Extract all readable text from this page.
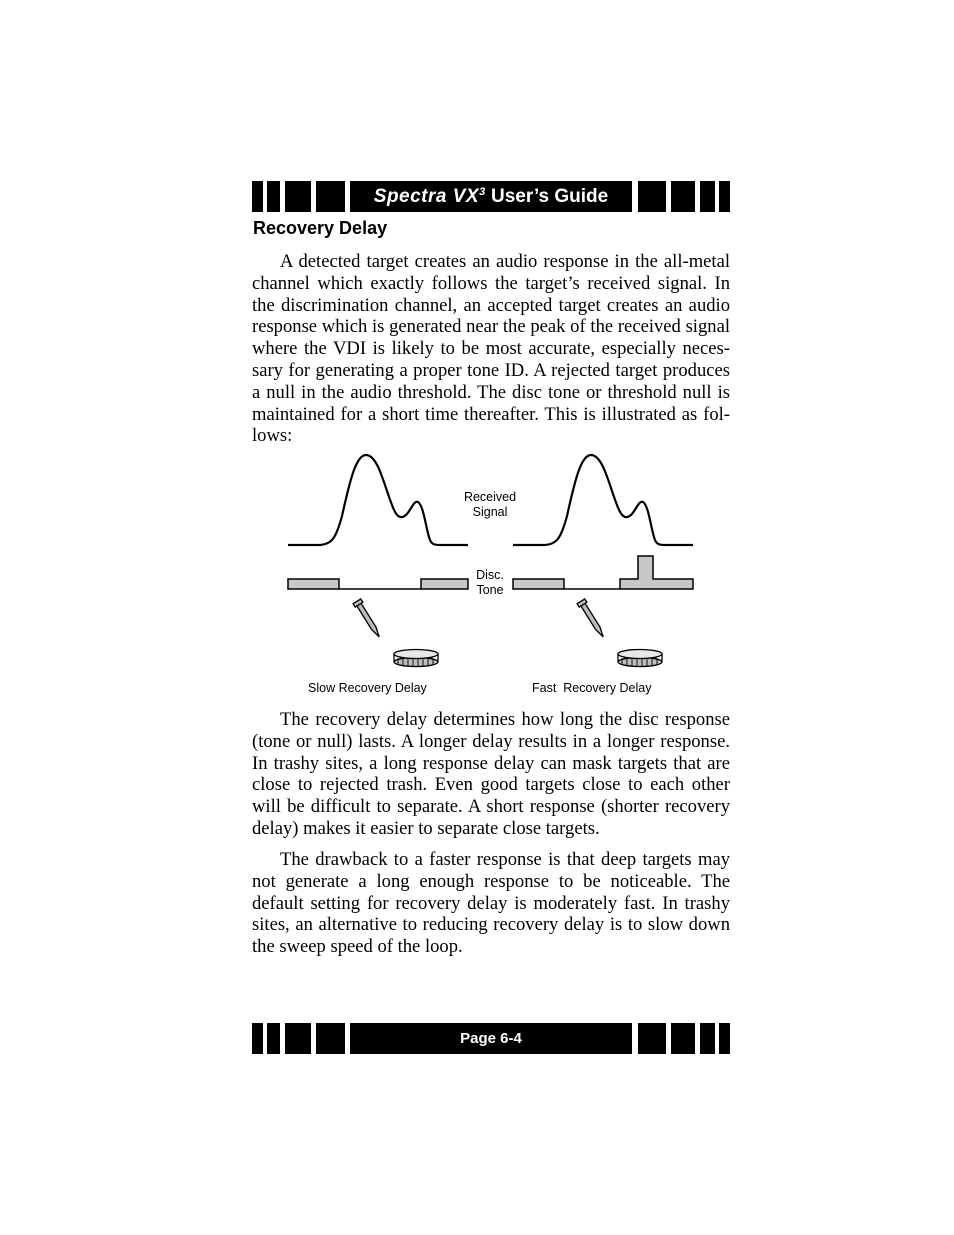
Spectra $VX^3$ User’s Guide
Recovery Delay

A detected target creates an audio response in the all-metal channel which exactly follows the target’s received signal. In the discrimination channel, an accepted target creates an audio response which is generated near the peak of the received signal where the VDI is likely to be most accurate, especially neces-sary for generating a proper tone ID. A rejected target produces a null in the audio threshold. The disc tone or threshold null is maintained for a short time thereafter. This is illustrated as fol-lows:

Received
Signal
Disc.
Tone
Slow Recovery Delay	Fast  Recovery Delay

The recovery delay determines how long the disc response (tone or null) lasts. A longer delay results in a longer response. In trashy sites, a long response delay can mask targets that are close to rejected trash. Even good targets close to each other will be difficult to separate. A short response (shorter recovery delay) makes it easier to separate close targets.

The drawback to a faster response is that deep targets may not generate a long enough response to be noticeable. The default setting for recovery delay is moderately fast. In trashy sites, an alternative to reducing recovery delay is to slow down the sweep speed of the loop.

Page 6-4
